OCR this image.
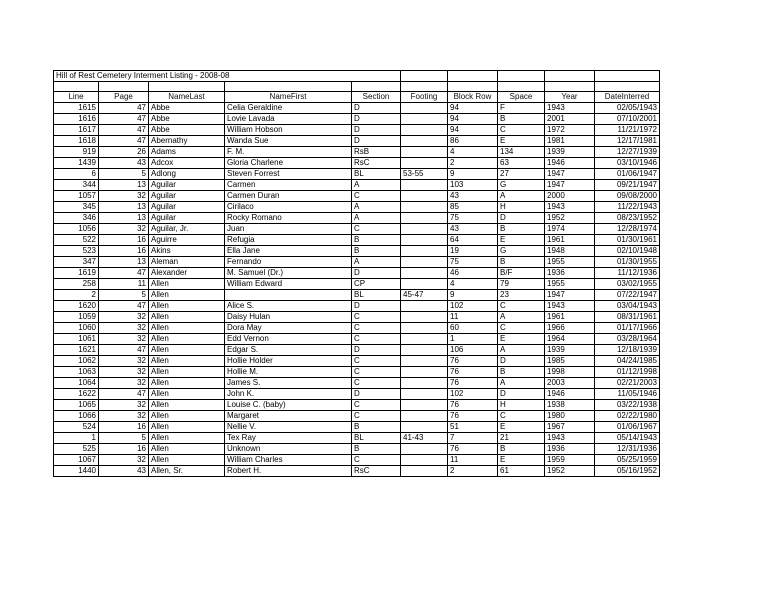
Hill of Rest Cemetery Interment Listing - 2008-08									

Line	Page	NameLast	NameFirst	Section	Footing	Block Row	Space	Year	DateInterred
1615	47	Abbe	Celia Geraldine	D		94	F	1943	02/05/1943
1616	47	Abbe	Lovie Lavada	D		94	B	2001	07/10/2001
1617	47	Abbe	William Hobson	D		94	C	1972	11/21/1972
1618	47	Abernathy	Wanda Sue	D		86	E	1981	12/17/1981
919	26	Adams	F. M.	RsB		4	134	1939	12/27/1939
1439	43	Adcox	Gloria Charlene	RsC		2	63	1946	03/10/1946
6	5	Adlong	Steven Forrest	BL	53-55	9	27	1947	01/06/1947
344	13	Aguilar	Carmen	A		103	G	1947	09/21/1947
1057	32	Aguilar	Carmen Duran	C		43	A	2000	09/08/2000
345	13	Aguilar	Cirilaco	A		85	H	1943	11/22/1943
346	13	Aguilar	Rocky Romano	A		75	D	1952	08/23/1952
1056	32	Aguilar, Jr.	Juan	C		43	B	1974	12/28/1974
522	16	Aguirre	Refugia	B		64	E	1961	01/30/1961
523	16	Akins	Ella Jane	B		19	G	1948	02/10/1948
347	13	Aleman	Fernando	A		75	B	1955	01/30/1955
1619	47	Alexander	M. Samuel (Dr.)	D		46	B/F	1936	11/12/1936
258	11	Allen	William Edward	CP		4	79	1955	03/02/1955
2	5	Allen		BL	45-47	9	23	1947	07/22/1947
1620	47	Allen	Alice S.	D		102	C	1943	03/04/1943
1059	32	Allen	Daisy Hulan	C		11	A	1961	08/31/1961
1060	32	Allen	Dora May	C		60	C	1966	01/17/1966
1061	32	Allen	Edd Vernon	C		1	E	1964	03/28/1964
1621	47	Allen	Edgar S.	D		106	A	1939	12/18/1939
1062	32	Allen	Hollie Holder	C		76	D	1985	04/24/1985
1063	32	Allen	Hollie M.	C		76	B	1998	01/12/1998
1064	32	Allen	James S.	C		76	A	2003	02/21/2003
1622	47	Allen	John K.	D		102	D	1946	11/05/1946
1065	32	Allen	Louise C. (baby)	C		76	H	1938	03/22/1938
1066	32	Allen	Margaret	C		76	C	1980	02/22/1980
524	16	Allen	Nellie V.	B		51	E	1967	01/06/1967
1	5	Allen	Tex Ray	BL	41-43	7	21	1943	05/14/1943
525	16	Allen	Unknown	B		76	B	1936	12/31/1936
1067	32	Allen	William Charles	C		11	E	1959	05/25/1959
1440	43	Allen, Sr.	Robert H.	RsC		2	61	1952	05/16/1952
